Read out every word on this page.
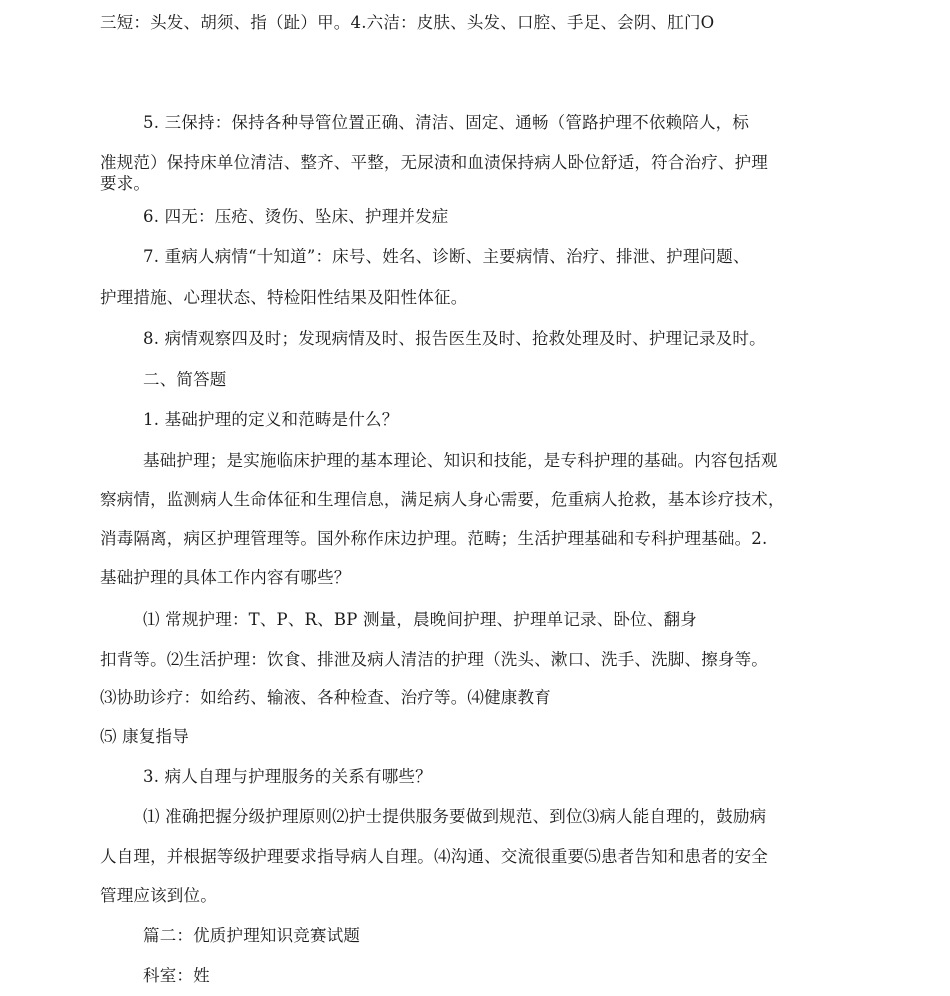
三短：头发、胡须、指（趾）甲。4.六洁：皮肤、头发、口腔、手足、会阴、肛门O
5. 三保持：保持各种导管位置正确、清洁、固定、通畅（管路护理不依赖陪人，标
准规范）保持床单位清洁、整齐、平整，无尿渍和血渍保持病人卧位舒适，符合治疗、护理
要求。
6. 四无：压疮、烫伤、坠床、护理并发症
7. 重病人病情“十知道”：床号、姓名、诊断、主要病情、治疗、排泄、护理问题、
护理措施、心理状态、特检阳性结果及阳性体征。
8. 病情观察四及时；发现病情及时、报告医生及时、抢救处理及时、护理记录及时。
二、简答题
1. 基础护理的定义和范畴是什么？
基础护理；是实施临床护理的基本理论、知识和技能，是专科护理的基础。内容包括观
察病情，监测病人生命体征和生理信息，满足病人身心需要，危重病人抢救，基本诊疗技术，
消毒隔离，病区护理管理等。国外称作床边护理。范畴；生活护理基础和专科护理基础。2.
基础护理的具体工作内容有哪些？
⑴ 常规护理：T、P、R、BP 测量，晨晚间护理、护理单记录、卧位、翻身
扣背等。⑵生活护理：饮食、排泄及病人清洁的护理（洗头、漱口、洗手、洗脚、擦身等。
⑶协助诊疗：如给药、输液、各种检查、治疗等。⑷健康教育
⑸ 康复指导
3. 病人自理与护理服务的关系有哪些？
⑴ 准确把握分级护理原则⑵护士提供服务要做到规范、到位⑶病人能自理的，鼓励病
人自理，并根据等级护理要求指导病人自理。⑷沟通、交流很重要⑸患者告知和患者的安全
管理应该到位。
篇二：优质护理知识竞赛试题
科室：姓
